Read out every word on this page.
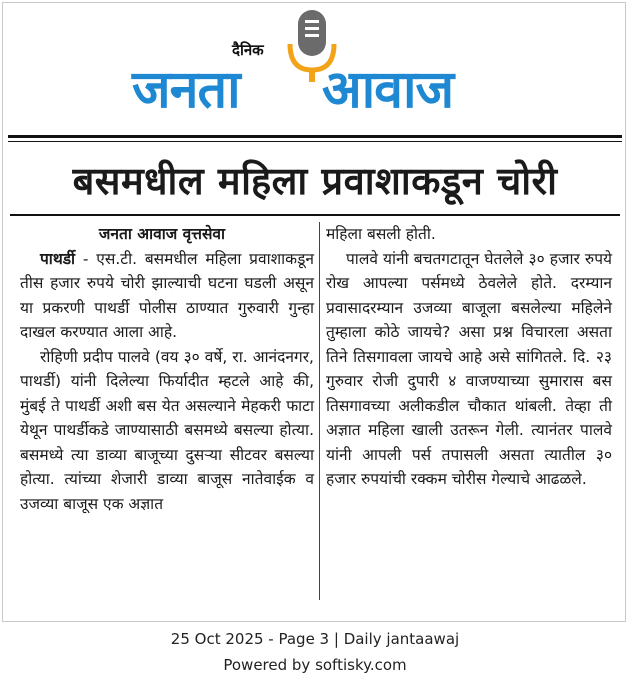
दैनिक
जनता आवाज
बसमधील महिला प्रवाशाकडून चोरी
जनता आवाज वृत्तसेवा

पाथर्डी - एस.टी. बसमधील महिला प्रवाशाकडून तीस हजार रुपये चोरी झाल्याची घटना घडली असून या प्रकरणी पाथर्डी पोलीस ठाण्यात गुरुवारी गुन्हा दाखल करण्यात आला आहे.

रोहिणी प्रदीप पालवे (वय ३० वर्षे, रा. आनंदनगर, पाथर्डी) यांनी दिलेल्या फिर्यादीत म्हटले आहे की, मुंबई ते पाथर्डी अशी बस येत असल्याने मेहकरी फाटा येथून पाथर्डीकडे जाण्यासाठी बसमध्ये बसल्या होत्या. बसमध्ये त्या डाव्या बाजूच्या दुसऱ्या सीटवर बसल्या होत्या. त्यांच्या शेजारी डाव्या बाजूस नातेवाईक व उजव्या बाजूस एक अज्ञात

महिला बसली होती.

पालवे यांनी बचतगटातून घेतलेले ३० हजार रुपये रोख आपल्या पर्समध्ये ठेवलेले होते. दरम्यान प्रवासादरम्यान उजव्या बाजूला बसलेल्या महिलेने तुम्हाला कोठे जायचे? असा प्रश्न विचारला असता तिने तिसगावला जायचे आहे असे सांगितले. दि. २३ गुरुवार रोजी दुपारी ४ वाजण्याच्या सुमारास बस तिसगावच्या अलीकडील चौकात थांबली. तेव्हा ती अज्ञात महिला खाली उतरून गेली. त्यानंतर पालवे यांनी आपली पर्स तपासली असता त्यातील ३० हजार रुपयांची रक्कम चोरीस गेल्याचे आढळले.

25 Oct 2025 - Page 3 | Daily jantaawaj
Powered by softisky.com
